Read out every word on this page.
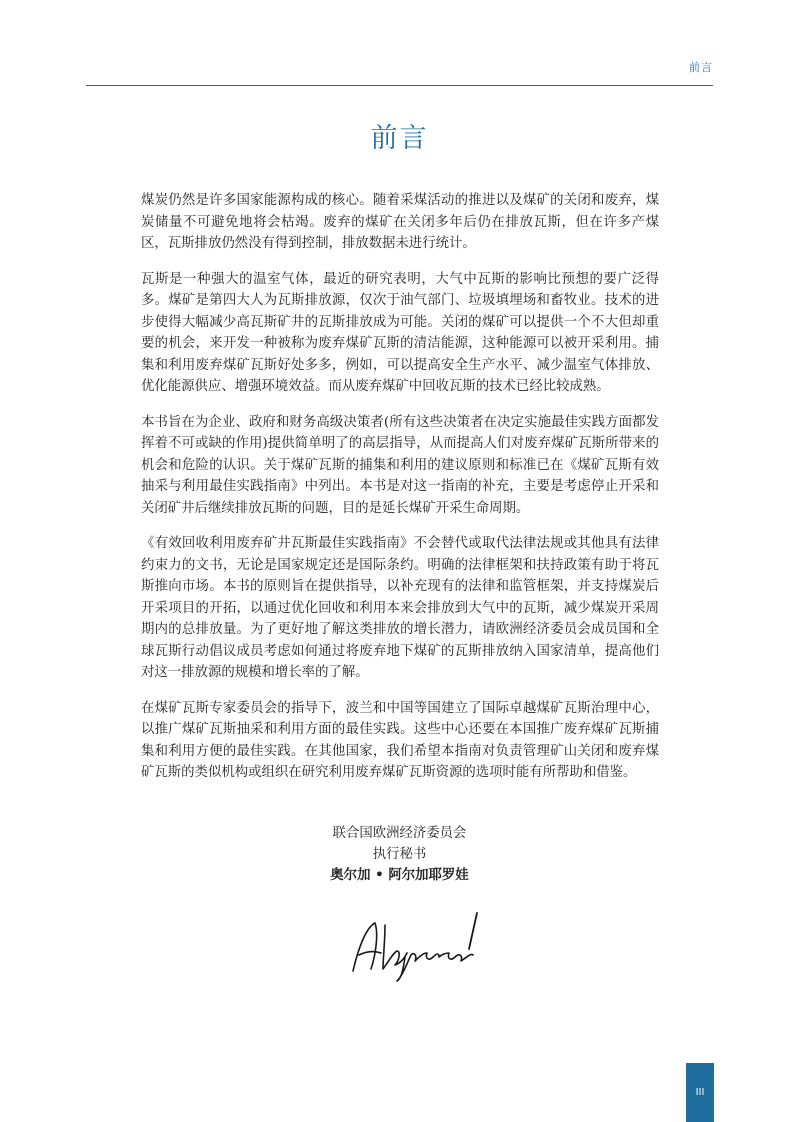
前言
前言

煤炭仍然是许多国家能源构成的核心。随着采煤活动的推进以及煤矿的关闭和废弃，煤炭储量不可避免地将会枯竭。废弃的煤矿在关闭多年后仍在排放瓦斯，但在许多产煤区，瓦斯排放仍然没有得到控制，排放数据未进行统计。

瓦斯是一种强大的温室气体，最近的研究表明，大气中瓦斯的影响比预想的要广泛得多。煤矿是第四大人为瓦斯排放源，仅次于油气部门、垃圾填埋场和畜牧业。技术的进步使得大幅减少高瓦斯矿井的瓦斯排放成为可能。关闭的煤矿可以提供一个不大但却重要的机会，来开发一种被称为废弃煤矿瓦斯的清洁能源，这种能源可以被开采利用。捕集和利用废弃煤矿瓦斯好处多多，例如，可以提高安全生产水平、减少温室气体排放、优化能源供应、增强环境效益。而从废弃煤矿中回收瓦斯的技术已经比较成熟。

本书旨在为企业、政府和财务高级决策者(所有这些决策者在决定实施最佳实践方面都发挥着不可或缺的作用)提供简单明了的高层指导，从而提高人们对废弃煤矿瓦斯所带来的机会和危险的认识。关于煤矿瓦斯的捕集和利用的建议原则和标准已在《煤矿瓦斯有效抽采与利用最佳实践指南》中列出。本书是对这一指南的补充，主要是考虑停止开采和关闭矿井后继续排放瓦斯的问题，目的是延长煤矿开采生命周期。

《有效回收利用废弃矿井瓦斯最佳实践指南》不会替代或取代法律法规或其他具有法律约束力的文书，无论是国家规定还是国际条约。明确的法律框架和扶持政策有助于将瓦斯推向市场。本书的原则旨在提供指导，以补充现有的法律和监管框架，并支持煤炭后开采项目的开拓，以通过优化回收和利用本来会排放到大气中的瓦斯，减少煤炭开采周期内的总排放量。为了更好地了解这类排放的增长潜力，请欧洲经济委员会成员国和全球瓦斯行动倡议成员考虑如何通过将废弃地下煤矿的瓦斯排放纳入国家清单，提高他们对这一排放源的规模和增长率的了解。

在煤矿瓦斯专家委员会的指导下，波兰和中国等国建立了国际卓越煤矿瓦斯治理中心，以推广煤矿瓦斯抽采和利用方面的最佳实践。这些中心还要在本国推广废弃煤矿瓦斯捕集和利用方便的最佳实践。在其他国家，我们希望本指南对负责管理矿山关闭和废弃煤矿瓦斯的类似机构或组织在研究利用废弃煤矿瓦斯资源的选项时能有所帮助和借鉴。

联合国欧洲经济委员会
执行秘书
奥尔加 • 阿尔加耶罗娃
III
